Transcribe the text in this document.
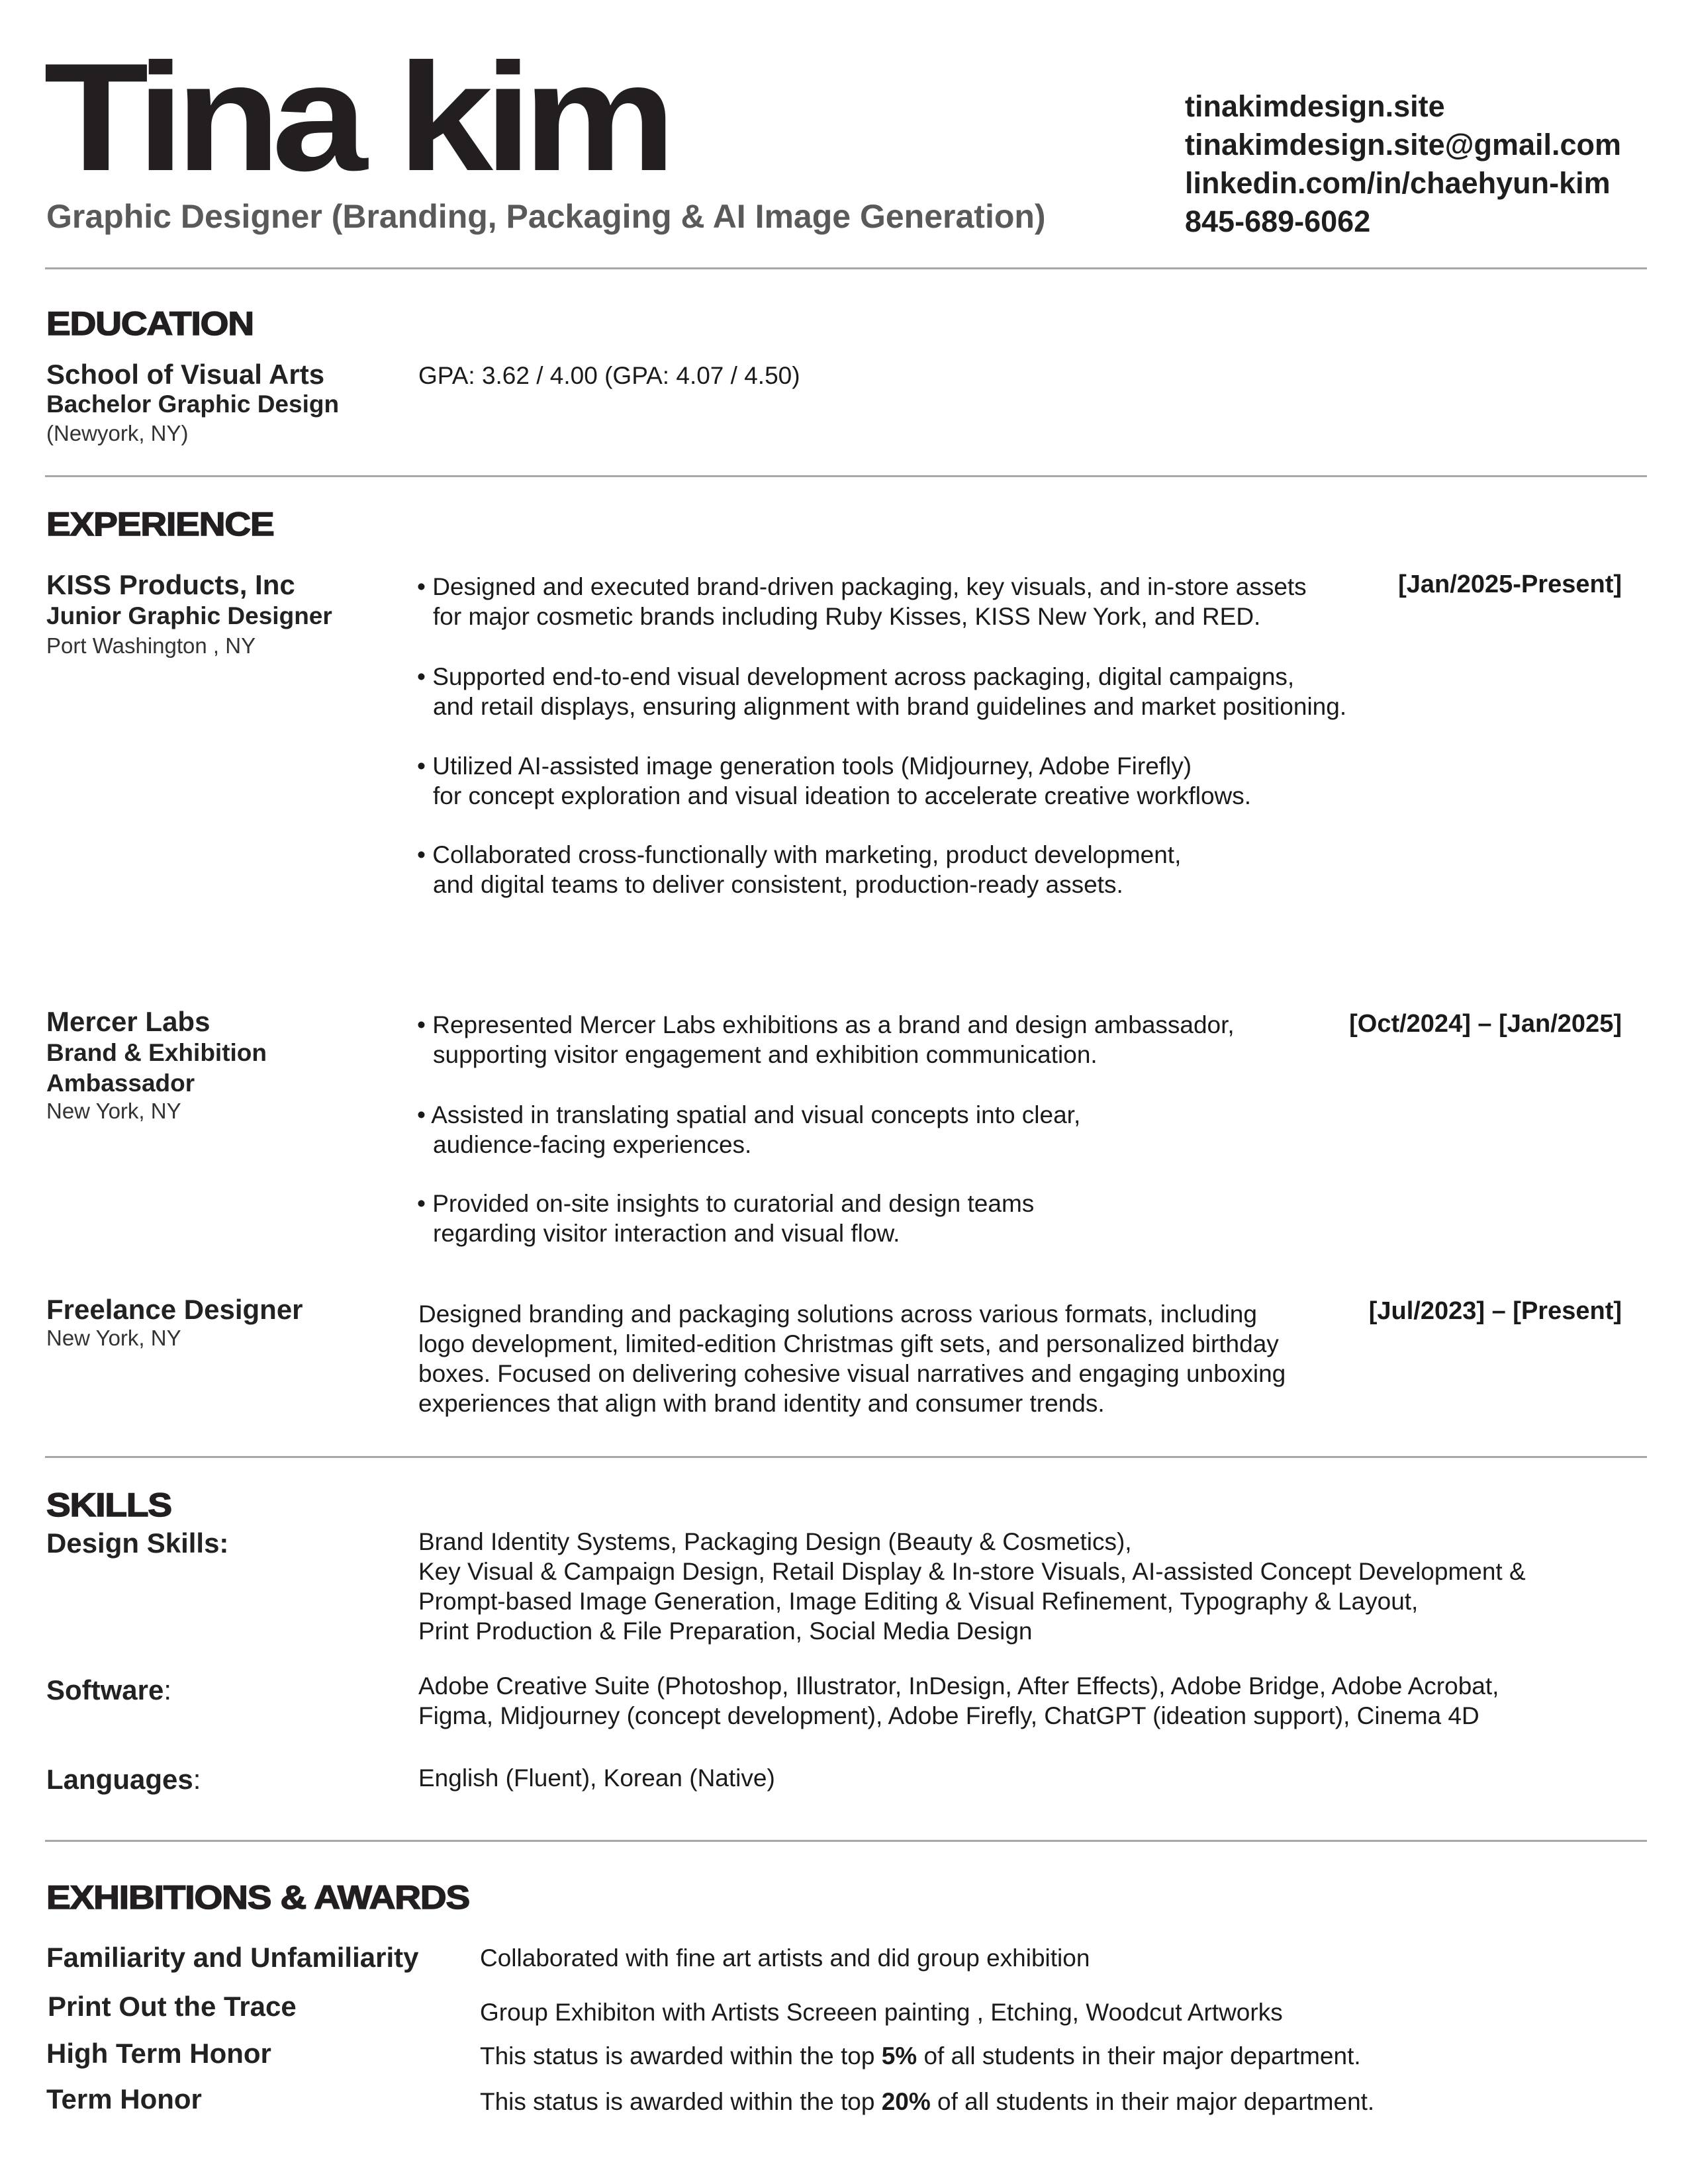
Tina kim
Graphic Designer (Branding, Packaging & AI Image Generation)
tinakimdesign.site
tinakimdesign.site@gmail.com
linkedin.com/in/chaehyun-kim
845-689-6062
EDUCATION
School of Visual Arts
Bachelor Graphic Design
(Newyork, NY)
GPA: 3.62 / 4.00 (GPA: 4.07 / 4.50)
EXPERIENCE
KISS Products, Inc
Junior Graphic Designer
Port Washington , NY
[Jan/2025-Present]
• Designed and executed brand-driven packaging, key visuals, and in-store assets
for major cosmetic brands including Ruby Kisses, KISS New York, and RED.
• Supported end-to-end visual development across packaging, digital campaigns,
and retail displays, ensuring alignment with brand guidelines and market positioning.
• Utilized AI-assisted image generation tools (Midjourney, Adobe Firefly)
for concept exploration and visual ideation to accelerate creative workflows.
• Collaborated cross-functionally with marketing, product development,
and digital teams to deliver consistent, production-ready assets.
Mercer Labs
Brand & Exhibition
Ambassador
New York, NY
[Oct/2024] – [Jan/2025]
• Represented Mercer Labs exhibitions as a brand and design ambassador,
supporting visitor engagement and exhibition communication.
• Assisted in translating spatial and visual concepts into clear,
audience-facing experiences.
• Provided on-site insights to curatorial and design teams
regarding visitor interaction and visual flow.
Freelance Designer
New York, NY
[Jul/2023] – [Present]
Designed branding and packaging solutions across various formats, including
logo development, limited-edition Christmas gift sets, and personalized birthday
boxes. Focused on delivering cohesive visual narratives and engaging unboxing
experiences that align with brand identity and consumer trends.
SKILLS
Design Skills:	Brand Identity Systems, Packaging Design (Beauty & Cosmetics),
Key Visual & Campaign Design, Retail Display & In-store Visuals, AI-assisted Concept Development &
Prompt-based Image Generation, Image Editing & Visual Refinement, Typography & Layout,
Print Production & File Preparation, Social Media Design
Software:	Adobe Creative Suite (Photoshop, Illustrator, InDesign, After Effects), Adobe Bridge, Adobe Acrobat,
Figma, Midjourney (concept development), Adobe Firefly, ChatGPT (ideation support), Cinema 4D
Languages:	English (Fluent), Korean (Native)
EXHIBITIONS & AWARDS
Familiarity and Unfamiliarity	Collaborated with fine art artists and did group exhibition
Print Out the Trace	Group Exhibiton with Artists Screeen painting , Etching, Woodcut Artworks
High Term Honor	This status is awarded within the top 5% of all students in their major department.
Term Honor	This status is awarded within the top 20% of all students in their major department.
